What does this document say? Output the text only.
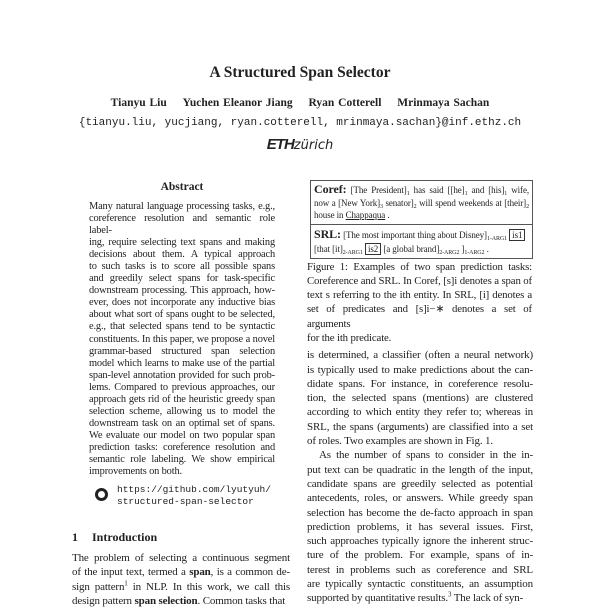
A Structured Span Selector
Tianyu Liu Yuchen Eleanor Jiang Ryan Cotterell Mrinmaya Sachan
{tianyu.liu, yucjiang, ryan.cotterell, mrinmaya.sachan}@inf.ethz.ch
ETHzürich
Abstract
Many natural language processing tasks, e.g.,
coreference resolution and semantic role label-
ing, require selecting text spans and making
decisions about them. A typical approach
to such tasks is to score all possible spans
and greedily select spans for task-specific
downstream processing. This approach, how-
ever, does not incorporate any inductive bias
about what sort of spans ought to be selected,
e.g., that selected spans tend to be syntactic
constituents. In this paper, we propose a novel
grammar-based structured span selection
model which learns to make use of the partial
span-level annotation provided for such prob-
lems. Compared to previous approaches, our
approach gets rid of the heuristic greedy span
selection scheme, allowing us to model the
downstream task on an optimal set of spans.
We evaluate our model on two popular span
prediction tasks: coreference resolution and
semantic role labeling. We show empirical
improvements on both.
https://github.com/lyutyuh/
structured-span-selector
1 Introduction
The problem of selecting a continuous segment
of the input text, termed a span, is a common de-
sign pattern$^1$ in NLP. In this work, we call this
design pattern span selection. Common tasks that
Coref: [The $President]_1$ has said [$[he]_1$ and $[his]_1$ wife, now a [New $York]_3$ $senator]_2$ will spend weekends at $[their]_2$ house in Chappaqua .
SRL: [The most important thing about $Disney]_{1-ARG1}$ is1 [that $[it]_{2-ARG1}$ is2 [a global $brand]_{2-ARG2}$ ]$_{1-ARG2}$ .
Figure 1: Examples of two span prediction tasks:
Coreference and SRL. In Coref, [s]i denotes a span of
text s referring to the ith entity. In SRL, [i] denotes a
set of predicates and [s]i−∗ denotes a set of arguments
for the ith predicate.
is determined, a classifier (often a neural network)
is typically used to make predictions about the can-
didate spans. For instance, in coreference resolu-
tion, the selected spans (mentions) are clustered
according to which entity they refer to; whereas in
SRL, the spans (arguments) are classified into a set
of roles. Two examples are shown in Fig. 1.
As the number of spans to consider in the in-
put text can be quadratic in the length of the input,
candidate spans are greedily selected as potential
antecedents, roles, or answers. While greedy span
selection has become the de-facto approach in span
prediction problems, it has several issues. First,
such approaches typically ignore the inherent struc-
ture of the problem. For example, spans of in-
terest in problems such as coreference and SRL
are typically syntactic constituents, an assumption
supported by quantitative results.$^3$ The lack of syn-
